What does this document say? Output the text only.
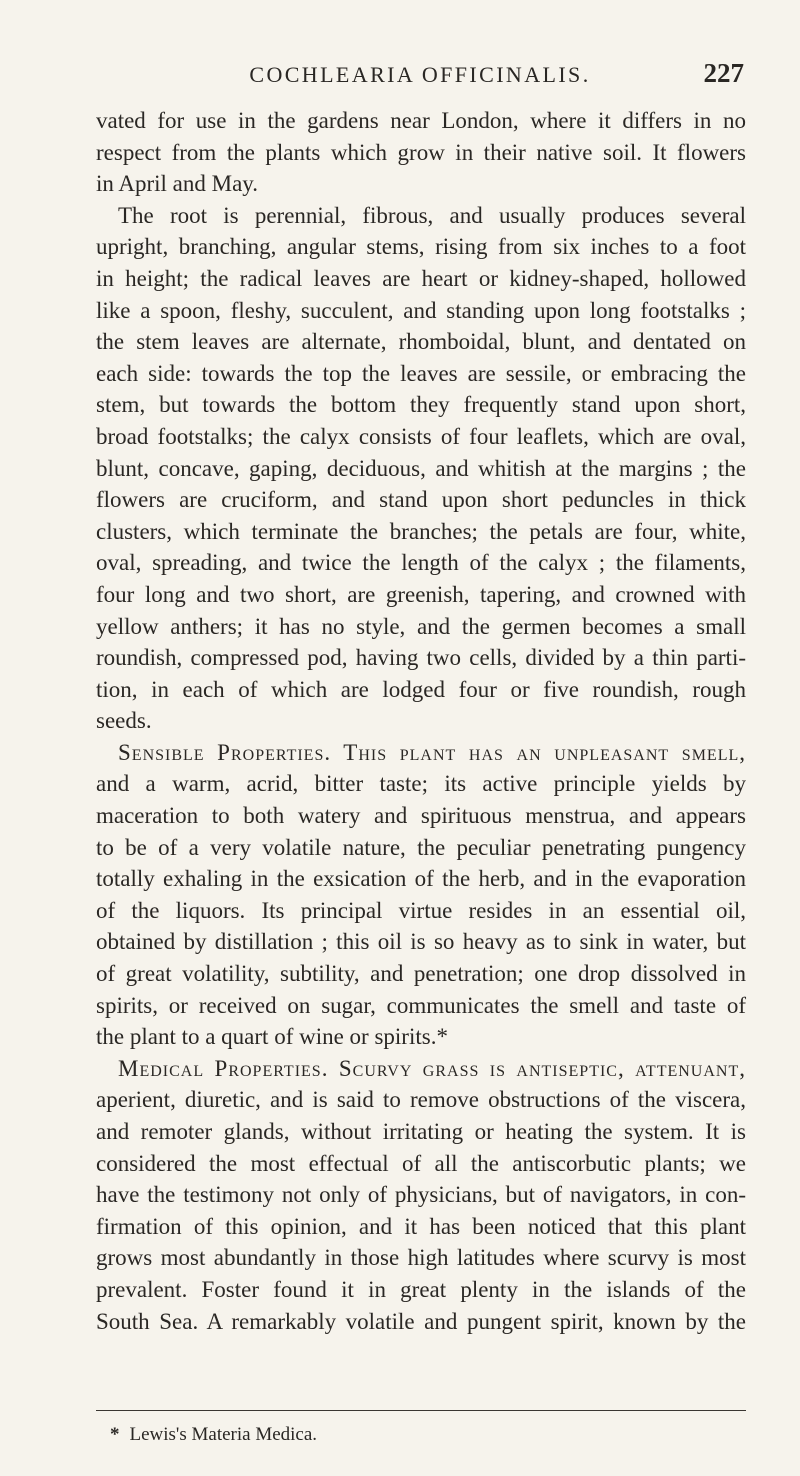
COCHLEARIA OFFICINALIS.	227
vated for use in the gardens near London, where it differs in no
respect from the plants which grow in their native soil. It flowers
in April and May.
The root is perennial, fibrous, and usually produces several
upright, branching, angular stems, rising from six inches to a foot
in height; the radical leaves are heart or kidney-shaped, hollowed
like a spoon, fleshy, succulent, and standing upon long footstalks ;
the stem leaves are alternate, rhomboidal, blunt, and dentated on
each side: towards the top the leaves are sessile, or embracing the
stem, but towards the bottom they frequently stand upon short,
broad footstalks; the calyx consists of four leaflets, which are oval,
blunt, concave, gaping, deciduous, and whitish at the margins ; the
flowers are cruciform, and stand upon short peduncles in thick
clusters, which terminate the branches; the petals are four, white,
oval, spreading, and twice the length of the calyx ; the filaments,
four long and two short, are greenish, tapering, and crowned with
yellow anthers; it has no style, and the germen becomes a small
roundish, compressed pod, having two cells, divided by a thin parti-
tion, in each of which are lodged four or five roundish, rough
seeds.
Sensible Properties. This plant has an unpleasant smell,
and a warm, acrid, bitter taste; its active principle yields by
maceration to both watery and spirituous menstrua, and appears
to be of a very volatile nature, the peculiar penetrating pungency
totally exhaling in the exsication of the herb, and in the evaporation
of the liquors. Its principal virtue resides in an essential oil,
obtained by distillation ; this oil is so heavy as to sink in water, but
of great volatility, subtility, and penetration; one drop dissolved in
spirits, or received on sugar, communicates the smell and taste of
the plant to a quart of wine or spirits.*
Medical Properties. Scurvy grass is antiseptic, attenuant,
aperient, diuretic, and is said to remove obstructions of the viscera,
and remoter glands, without irritating or heating the system. It is
considered the most effectual of all the antiscorbutic plants; we
have the testimony not only of physicians, but of navigators, in con-
firmation of this opinion, and it has been noticed that this plant
grows most abundantly in those high latitudes where scurvy is most
prevalent. Foster found it in great plenty in the islands of the
South Sea. A remarkably volatile and pungent spirit, known by the
* Lewis's Materia Medica.
